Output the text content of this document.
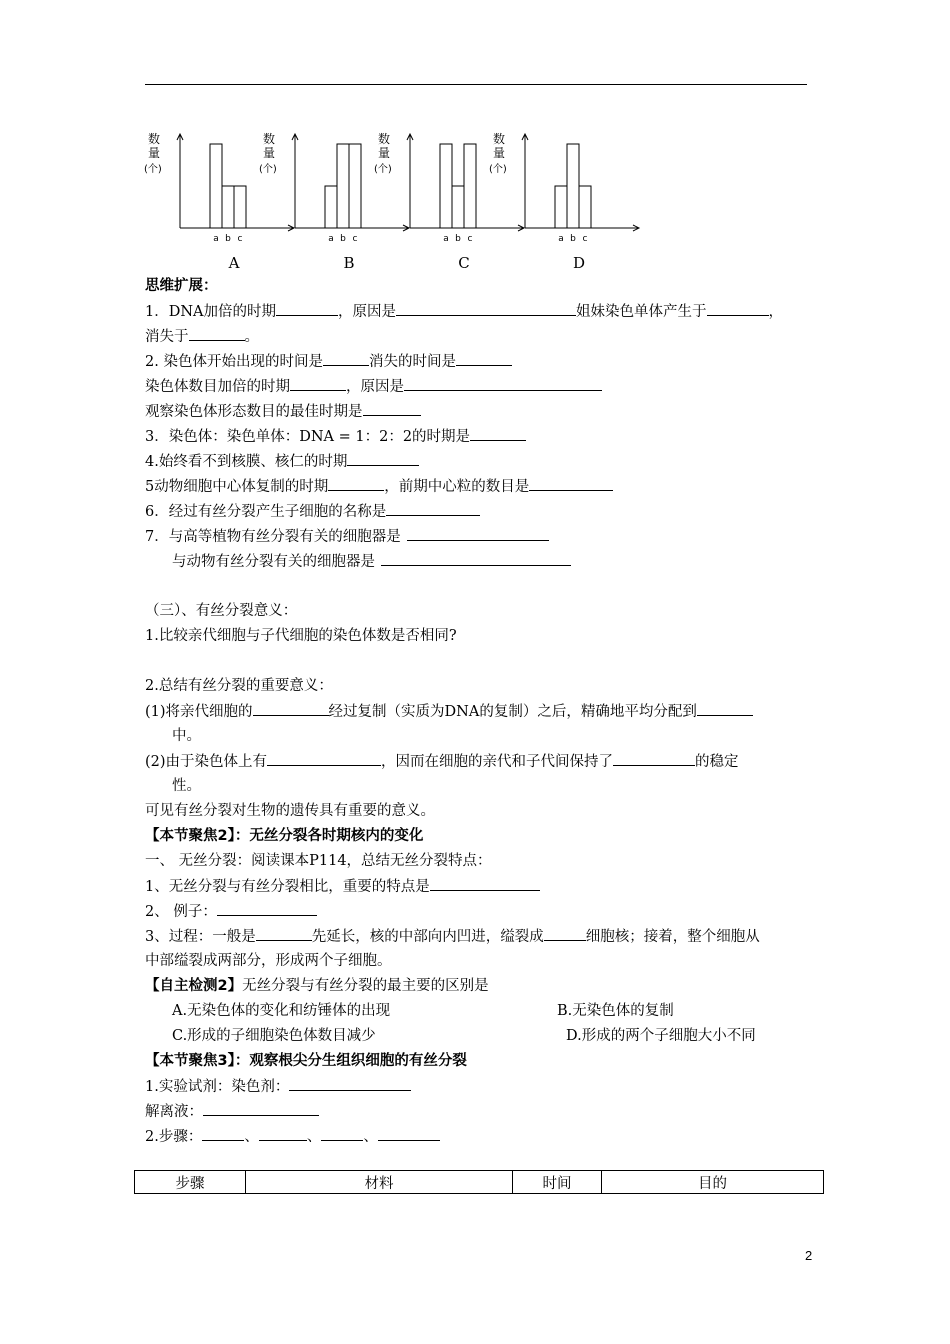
数
量
(个)
a b c
A
数
量
(个)
a b c
B
数
量
(个)
a b c
C
数
量
(个)
a b c
D
思维扩展：
1．DNA加倍的时期	，原因是	姐妹染色单体产生于	，
消失于	。
2. 染色体开始出现的时间是	消失的时间是
染色体数目加倍的时期	，原因是
观察染色体形态数目的最佳时期是
3．染色体：染色单体：DNA = 1：2：2的时期是
4.始终看不到核膜、核仁的时期
5动物细胞中心体复制的时期	，前期中心粒的数目是
6．经过有丝分裂产生子细胞的名称是
7．与高等植物有丝分裂有关的细胞器是
与动物有丝分裂有关的细胞器是
（三）、有丝分裂意义：
1.比较亲代细胞与子代细胞的染色体数是否相同?
2.总结有丝分裂的重要意义：
(1)将亲代细胞的	经过复制（实质为DNA的复制）之后，精确地平均分配到
中。
(2)由于染色体上有	，因而在细胞的亲代和子代间保持了	的稳定
性。
可见有丝分裂对生物的遗传具有重要的意义。
【本节聚焦2】：无丝分裂各时期核内的变化
一、 无丝分裂：阅读课本P114，总结无丝分裂特点：
1、无丝分裂与有丝分裂相比，重要的特点是
2、 例子：
3、过程：一般是	先延长，核的中部向内凹进，缢裂成	细胞核；接着，整个细胞从
中部缢裂成两部分，形成两个子细胞。
【自主检测2】无丝分裂与有丝分裂的最主要的区别是
A.无染色体的变化和纺锤体的出现	B.无染色体的复制
C.形成的子细胞染色体数目减少	D.形成的两个子细胞大小不同
【本节聚焦3】：观察根尖分生组织细胞的有丝分裂
1.实验试剂：染色剂：
解离液：
2.步骤：	、	、	、
步骤	材料	时间	目的
2
